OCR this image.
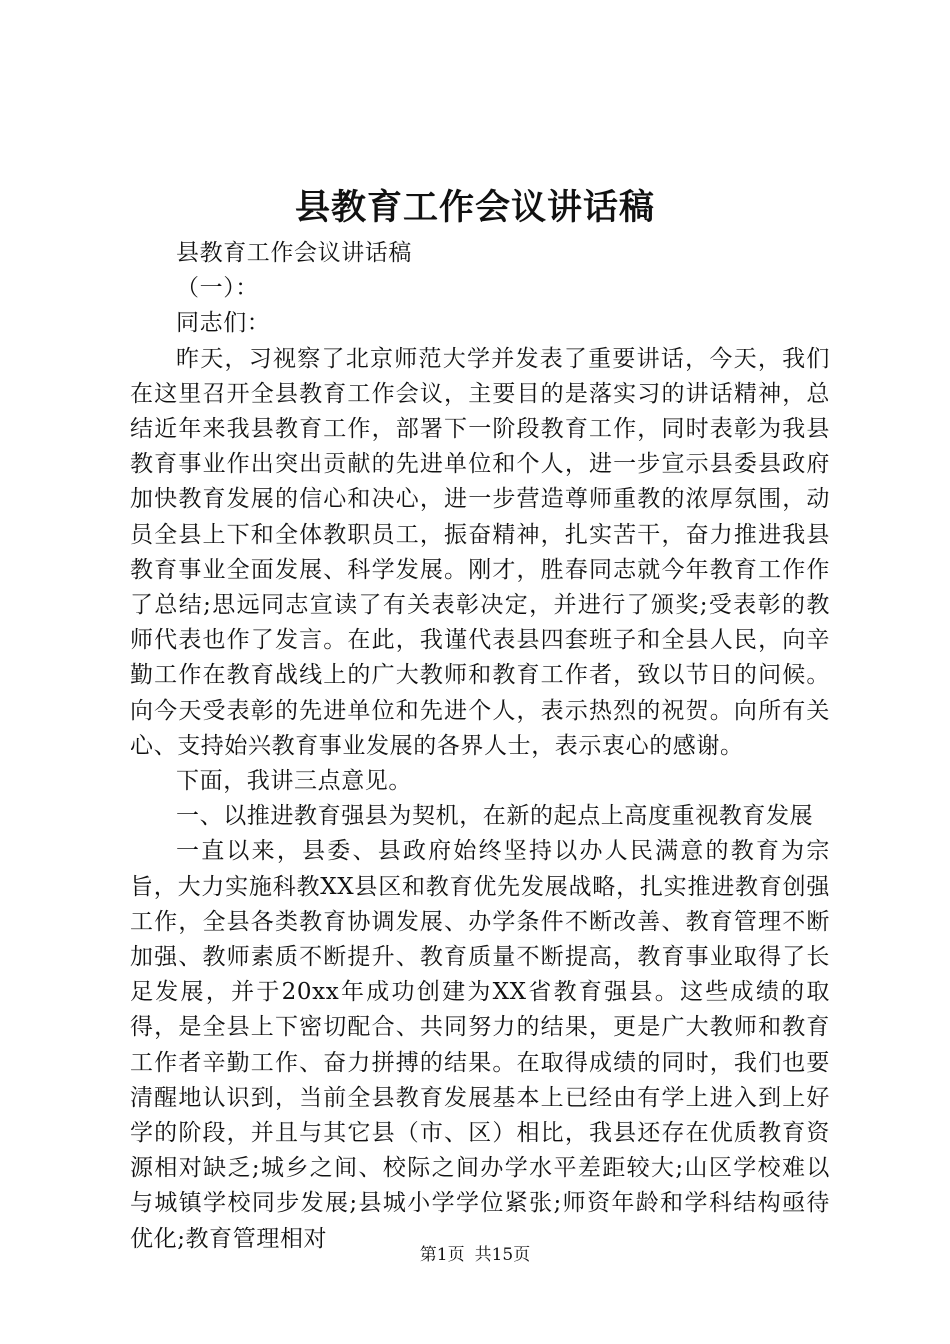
县教育工作会议讲话稿

县教育工作会议讲话稿

（一）：

同志们：

昨天，习视察了北京师范大学并发表了重要讲话，今天，我们在这里召开全县教育工作会议，主要目的是落实习的讲话精神，总结近年来我县教育工作，部署下一阶段教育工作，同时表彰为我县教育事业作出突出贡献的先进单位和个人，进一步宣示县委县政府加快教育发展的信心和决心，进一步营造尊师重教的浓厚氛围，动员全县上下和全体教职员工，振奋精神，扎实苦干，奋力推进我县教育事业全面发展、科学发展。刚才，胜春同志就今年教育工作作了总结;思远同志宣读了有关表彰决定，并进行了颁奖;受表彰的教师代表也作了发言。在此，我谨代表县四套班子和全县人民，向辛勤工作在教育战线上的广大教师和教育工作者，致以节日的问候。向今天受表彰的先进单位和先进个人，表示热烈的祝贺。向所有关心、支持始兴教育事业发展的各界人士，表示衷心的感谢。

下面，我讲三点意见。

一、以推进教育强县为契机，在新的起点上高度重视教育发展

一直以来，县委、县政府始终坚持以办人民满意的教育为宗旨，大力实施科教XX县区和教育优先发展战略，扎实推进教育创强工作，全县各类教育协调发展、办学条件不断改善、教育管理不断加强、教师素质不断提升、教育质量不断提高，教育事业取得了长足发展，并于20xx年成功创建为XX省教育强县。这些成绩的取得，是全县上下密切配合、共同努力的结果，更是广大教师和教育工作者辛勤工作、奋力拼搏的结果。在取得成绩的同时，我们也要清醒地认识到，当前全县教育发展基本上已经由有学上进入到上好学的阶段，并且与其它县（市、区）相比，我县还存在优质教育资源相对缺乏;城乡之间、校际之间办学水平差距较大;山区学校难以与城镇学校同步发展;县城小学学位紧张;师资年龄和学科结构亟待优化;教育管理相对

第1页 共15页
